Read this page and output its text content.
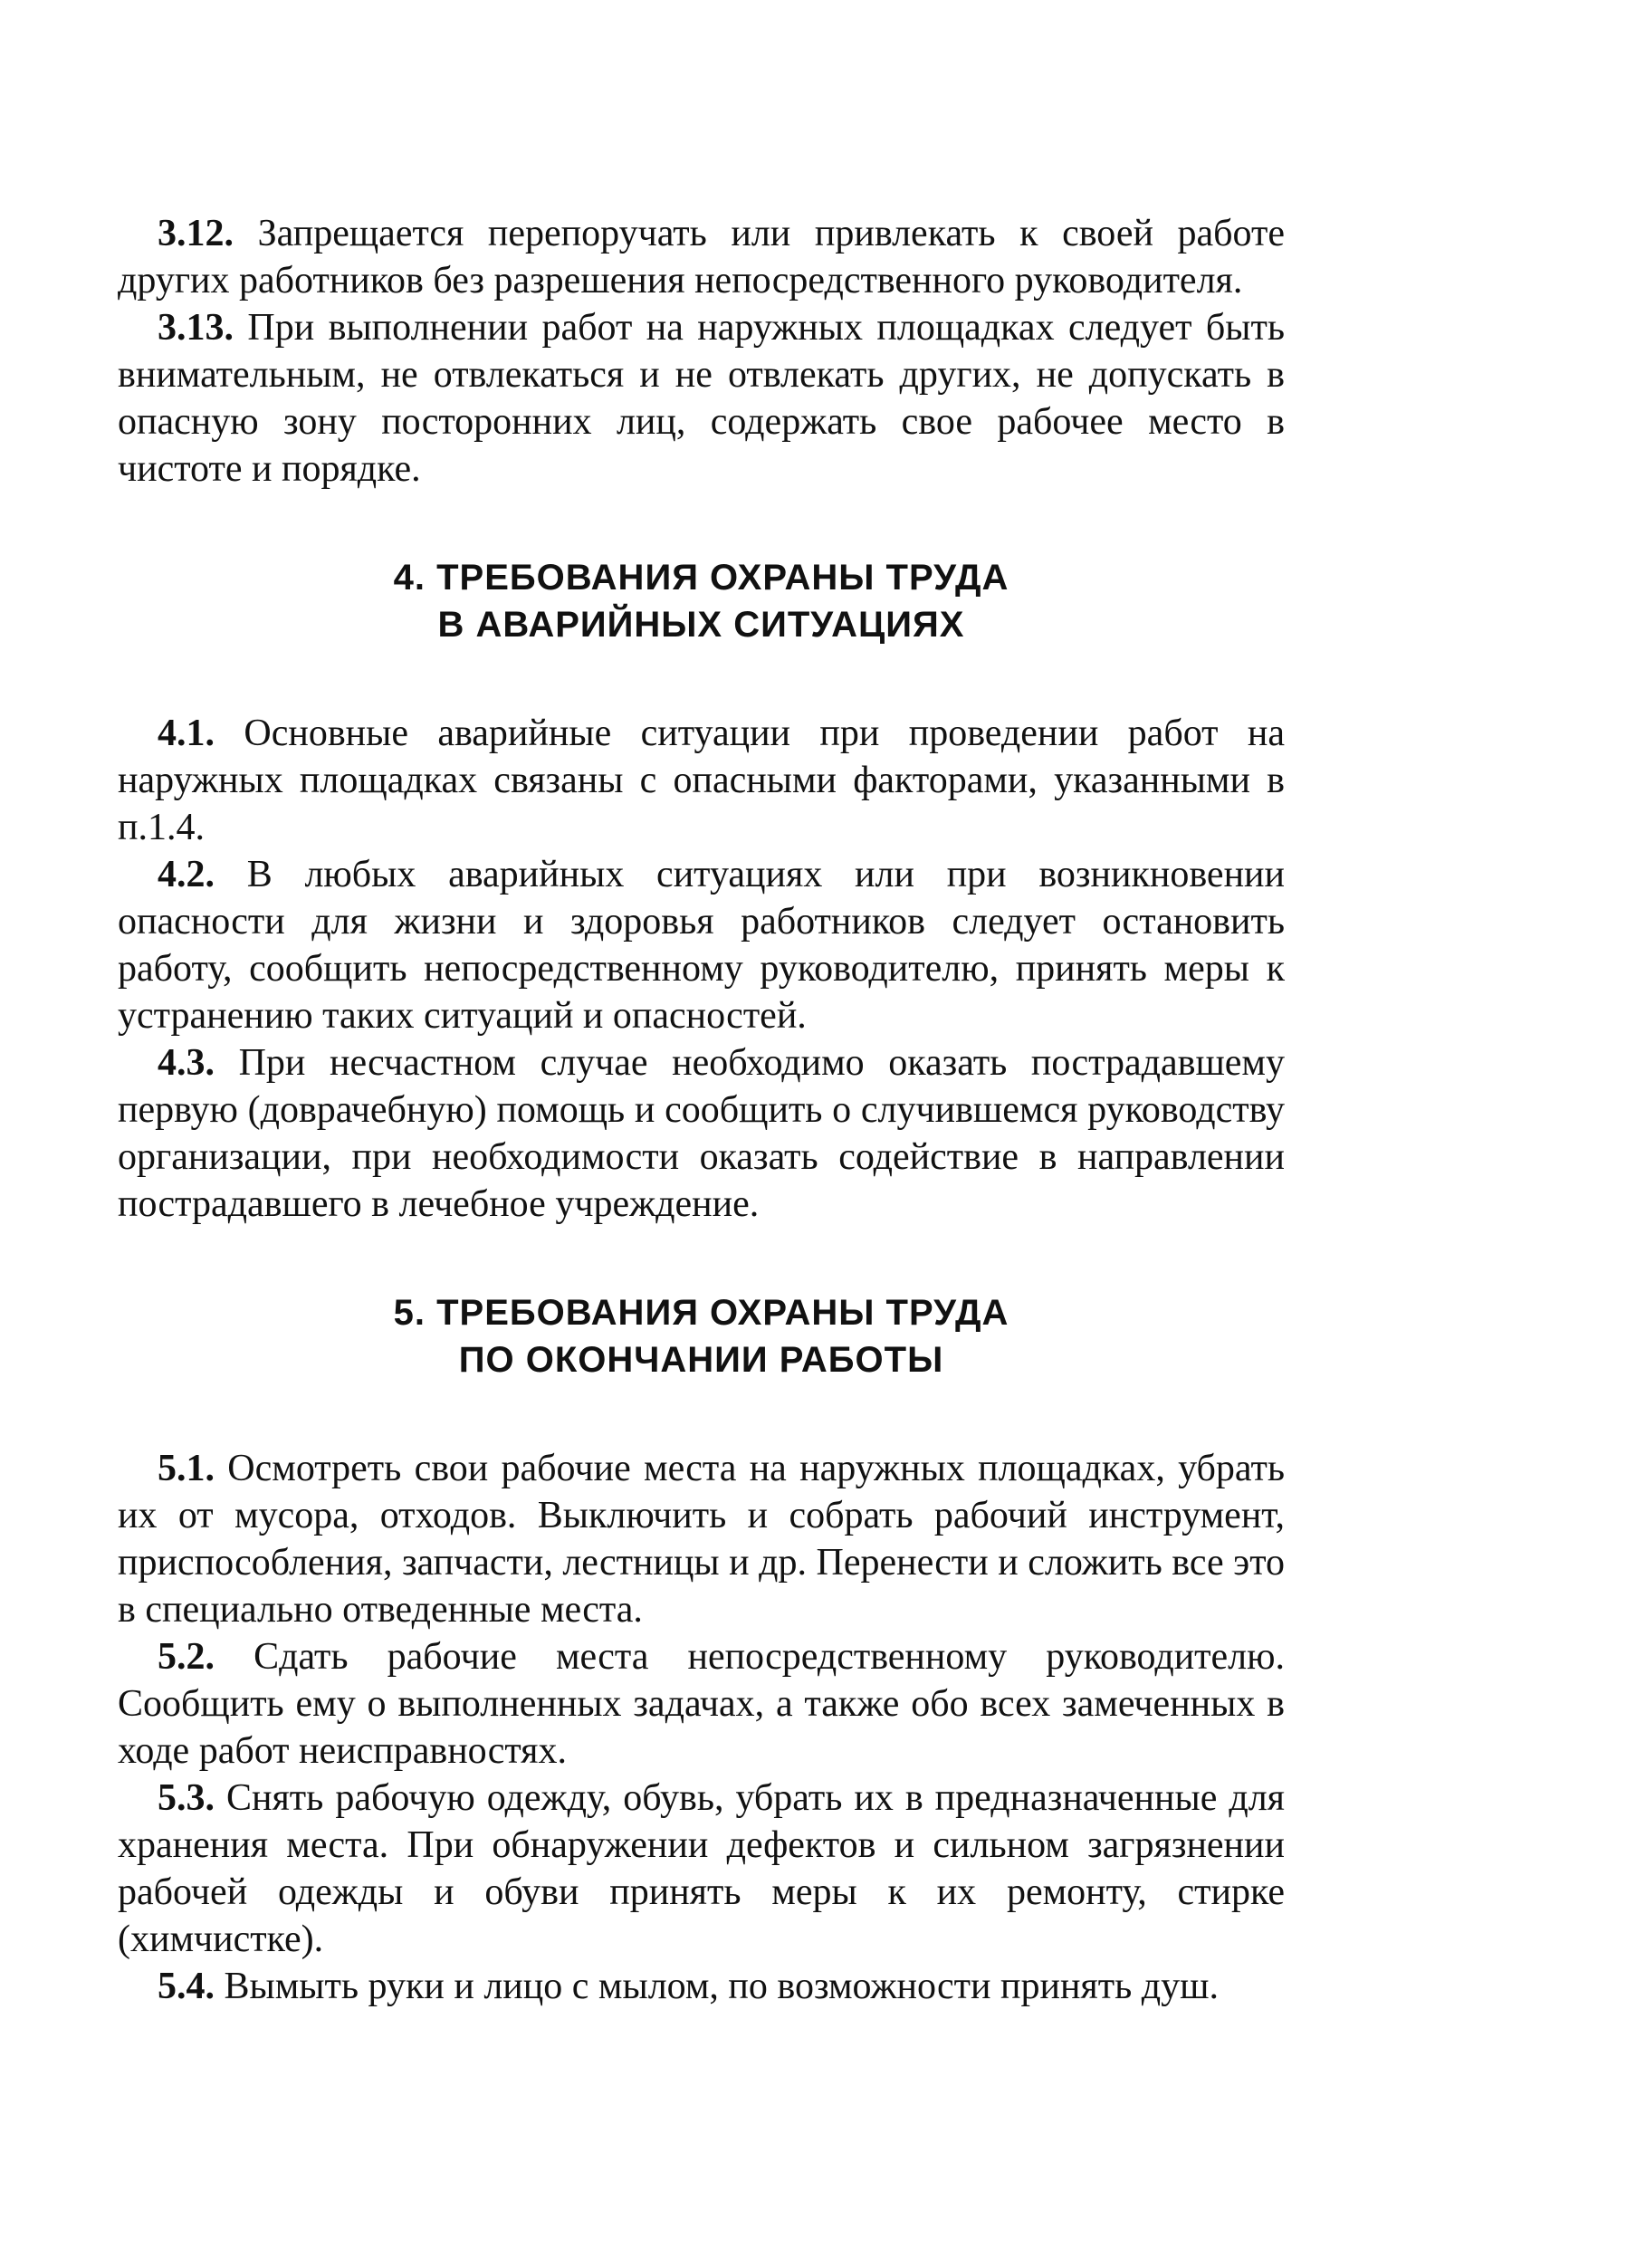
3.12. Запрещается перепоручать или привлекать к своей работе других работников без разрешения непосредственного руководителя.

3.13. При выполнении работ на наружных площадках следует быть внимательным, не отвлекаться и не отвлекать других, не допускать в опасную зону посторонних лиц, содержать свое рабочее место в чистоте и порядке.

4. ТРЕБОВАНИЯ ОХРАНЫ ТРУДА
В АВАРИЙНЫХ СИТУАЦИЯХ

4.1. Основные аварийные ситуации при проведении работ на наружных площадках связаны с опасными факторами, указанными в п.1.4.

4.2. В любых аварийных ситуациях или при возникновении опасности для жизни и здоровья работников следует остановить работу, сообщить непосредственному руководителю, принять меры к устранению таких ситуаций и опасностей.

4.3. При несчастном случае необходимо оказать пострадавшему первую (доврачебную) помощь и сообщить о случившемся руководству организации, при необходимости оказать содействие в направлении пострадавшего в лечебное учреждение.

5. ТРЕБОВАНИЯ ОХРАНЫ ТРУДА
ПО ОКОНЧАНИИ РАБОТЫ

5.1. Осмотреть свои рабочие места на наружных площадках, убрать их от мусора, отходов. Выключить и собрать рабочий инструмент, приспособления, запчасти, лестницы и др. Перенести и сложить все это в специально отведенные места.

5.2. Сдать рабочие места непосредственному руководителю. Сообщить ему о выполненных задачах, а также обо всех замеченных в ходе работ неисправностях.

5.3. Снять рабочую одежду, обувь, убрать их в предназначенные для хранения места. При обнаружении дефектов и сильном загрязнении рабочей одежды и обуви принять меры к их ремонту, стирке (химчистке).

5.4. Вымыть руки и лицо с мылом, по возможности принять душ.
